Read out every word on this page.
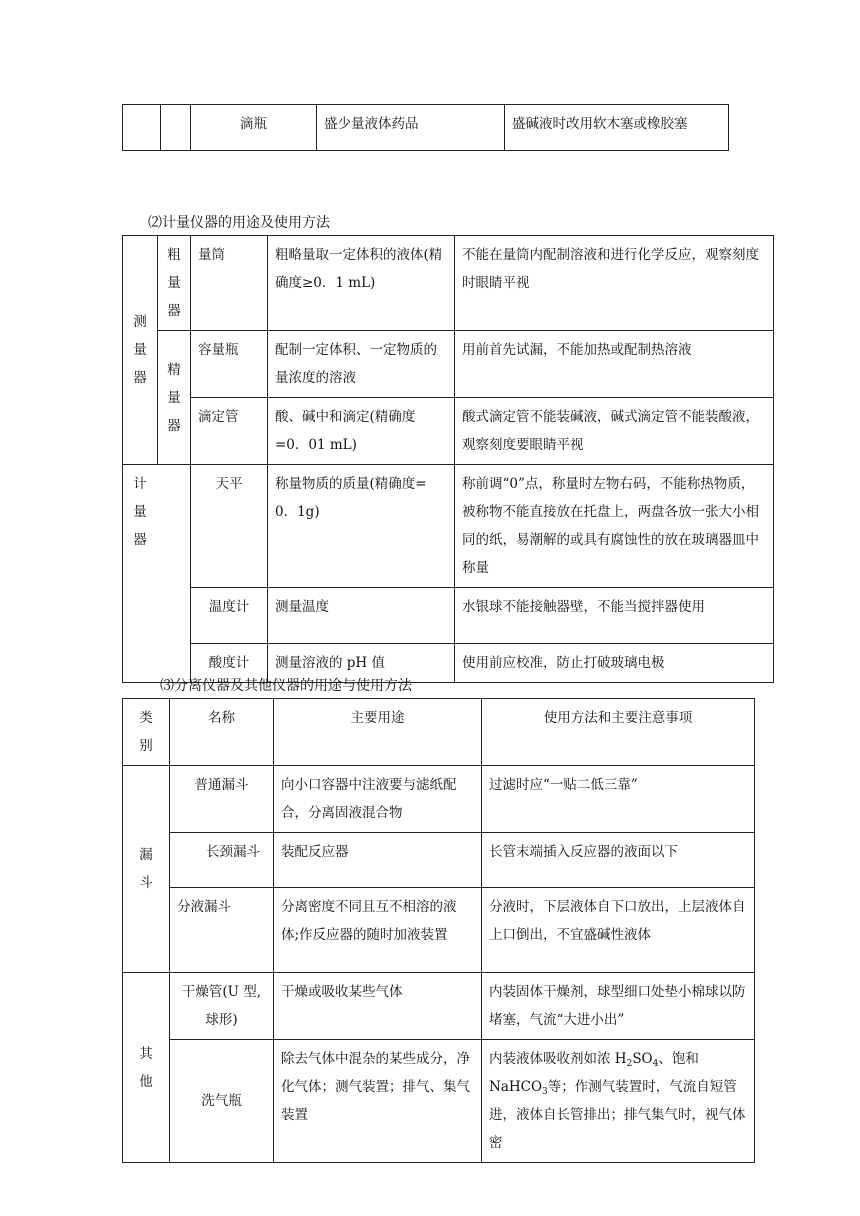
		滴瓶	盛少量液体药品	盛碱液时改用软木塞或橡胶塞
⑵计量仪器的用途及使用方法
测量器	粗量器	量筒	粗略量取一定体积的液体(精确度≥0．1 mL)	不能在量筒内配制溶液和进行化学反应，观察刻度时眼睛平视
	精量器	容量瓶	配制一定体积、一定物质的量浓度的溶液	用前首先试漏，不能加热或配制热溶液
		滴定管	酸、碱中和滴定(精确度=0．01 mL)	酸式滴定管不能装碱液，碱式滴定管不能装酸液，观察刻度要眼睛平视

计量器		天平	称量物质的质量(精确度= 0．1g)	称前调“0”点，称量时左物右码，不能称热物质，被称物不能直接放在托盘上，两盘各放一张大小相同的纸，易潮解的或具有腐蚀性的放在玻璃器皿中称量
		温度计	测量温度	水银球不能接触器壁，不能当搅拌器使用
		酸度计	测量溶液的 pH 值	使用前应校准，防止打破玻璃电极
⑶分离仪器及其他仪器的用途与使用方法
类别	名称	主要用途	使用方法和主要注意事项
漏斗	普通漏斗	向小口容器中注液要与滤纸配合，分离固液混合物	过滤时应“一贴二低三靠”
	长颈漏斗	装配反应器	长管末端插入反应器的液面以下
	分液漏斗	分离密度不同且互不相溶的液体;作反应器的随时加液装置	分液时，下层液体自下口放出，上层液体自上口倒出，不宜盛碱性液体
其他	干燥管(U 型,球形)	干燥或吸收某些气体	内装固体干燥剂，球型细口处垫小棉球以防堵塞，气流“大进小出”
	洗气瓶	除去气体中混杂的某些成分，净化气体；测气装置；排气、集气装置	内装液体吸收剂如浓 $H_2SO_4$、饱和 NaHCO$_3$等；作测气装置时，气流自短管进，液体自长管排出；排气集气时，视气体密
